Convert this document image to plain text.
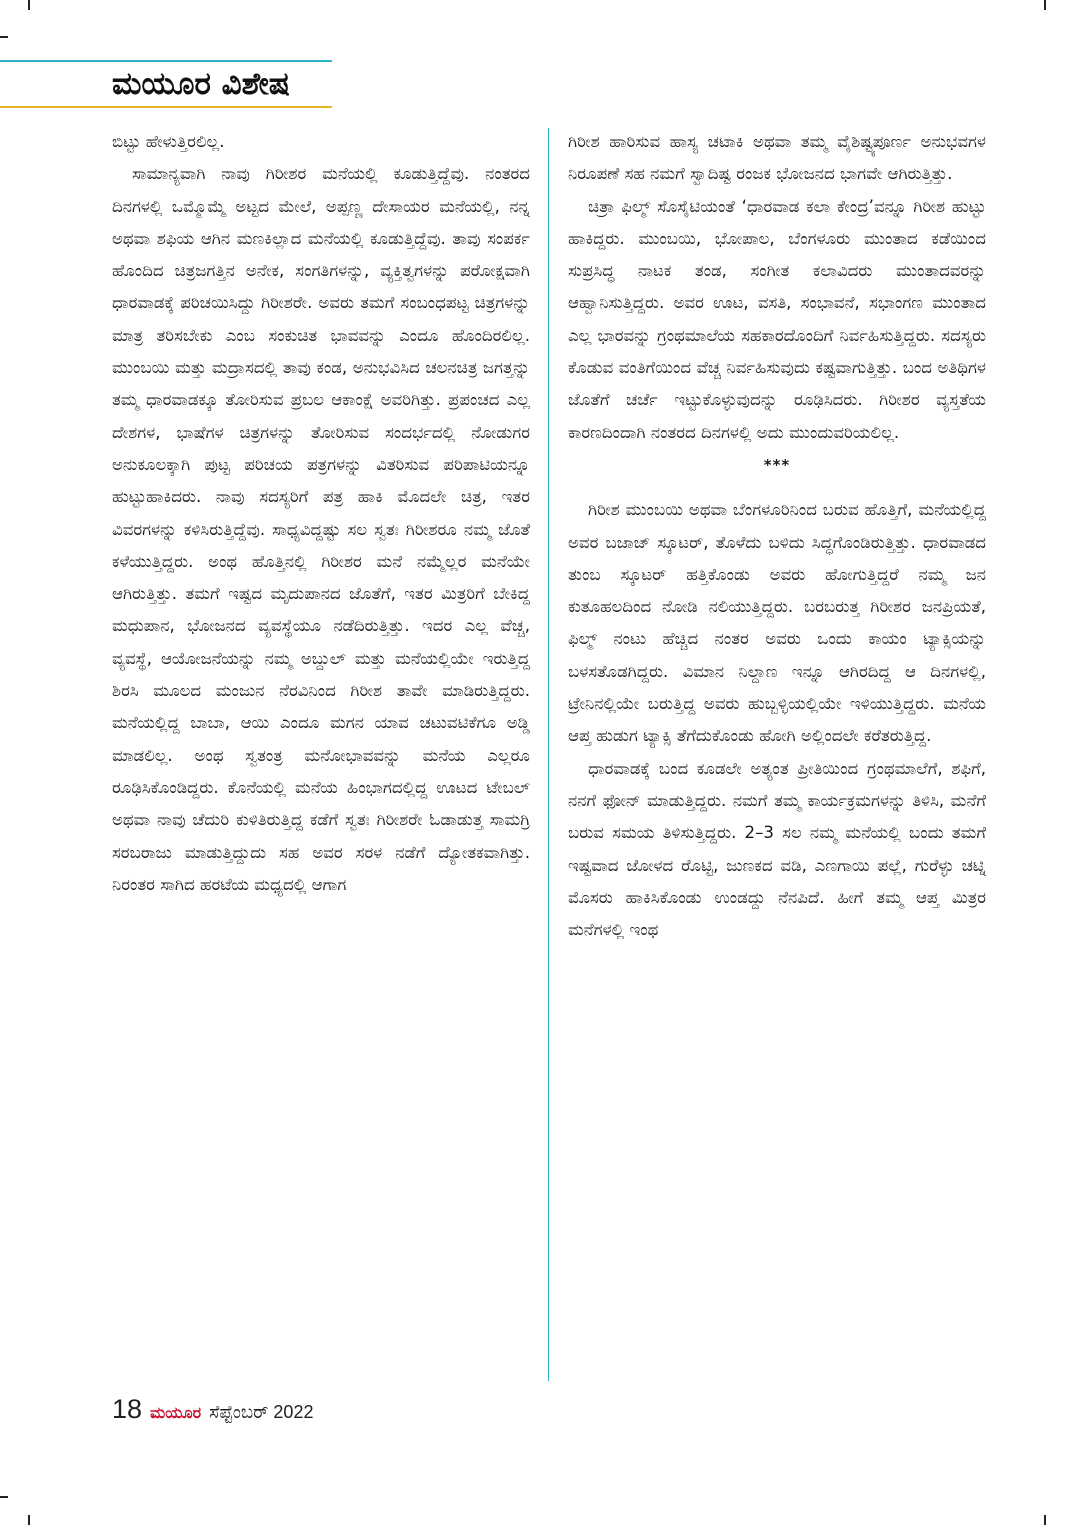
ಮಯೂರ ವಿಶೇಷ

ಬಿಟ್ಟು ಹೇಳುತ್ತಿರಲಿಲ್ಲ.

ಸಾಮಾನ್ಯವಾಗಿ ನಾವು ಗಿರೀಶರ ಮನೆಯಲ್ಲಿ ಕೂಡುತ್ತಿದ್ದೆವು. ನಂತರದ ದಿನಗಳಲ್ಲಿ ಒಮ್ಮೊಮ್ಮೆ ಅಟ್ಟದ ಮೇಲೆ, ಅಪ್ಪಣ್ಣ ದೇಸಾಯರ ಮನೆಯಲ್ಲಿ, ನನ್ನ ಅಥವಾ ಶಫಿಯ ಆಗಿನ ಮಣಕಿಲ್ಲಾದ ಮನೆಯಲ್ಲಿ ಕೂಡುತ್ತಿದ್ದೆವು. ತಾವು ಸಂಪರ್ಕ ಹೊಂದಿದ ಚಿತ್ರಜಗತ್ತಿನ ಅನೇಕ, ಸಂಗತಿಗಳನ್ನು, ವ್ಯಕ್ತಿತ್ವಗಳನ್ನು ಪರೋಕ್ಷವಾಗಿ ಧಾರವಾಡಕ್ಕೆ ಪರಿಚಯಿಸಿದ್ದು ಗಿರೀಶರೇ. ಅವರು ತಮಗೆ ಸಂಬಂಧಪಟ್ಟ ಚಿತ್ರಗಳನ್ನು ಮಾತ್ರ ತರಿಸಬೇಕು ಎಂಬ ಸಂಕುಚಿತ ಭಾವವನ್ನು ಎಂದೂ ಹೊಂದಿರಲಿಲ್ಲ. ಮುಂಬಯಿ ಮತ್ತು ಮದ್ರಾಸದಲ್ಲಿ ತಾವು ಕಂಡ, ಅನುಭವಿಸಿದ ಚಲನಚಿತ್ರ ಜಗತ್ತನ್ನು ತಮ್ಮ ಧಾರವಾಡಕ್ಕೂ ತೋರಿಸುವ ಪ್ರಬಲ ಆಕಾಂಕ್ಷೆ ಅವರಿಗಿತ್ತು. ಪ್ರಪಂಚದ ಎಲ್ಲ ದೇಶಗಳ, ಭಾಷೆಗಳ ಚಿತ್ರಗಳನ್ನು ತೋರಿಸುವ ಸಂದರ್ಭದಲ್ಲಿ ನೋಡುಗರ ಅನುಕೂಲಕ್ಕಾಗಿ ಪುಟ್ಟ ಪರಿಚಯ ಪತ್ರಗಳನ್ನು ವಿತರಿಸುವ ಪರಿಪಾಟಿಯನ್ನೂ ಹುಟ್ಟುಹಾಕಿದರು. ನಾವು ಸದಸ್ಯರಿಗೆ ಪತ್ರ ಹಾಕಿ ಮೊದಲೇ ಚಿತ್ರ, ಇತರ ವಿವರಗಳನ್ನು ಕಳಿಸಿರುತ್ತಿದ್ದೆವು. ಸಾಧ್ಯವಿದ್ದಷ್ಟು ಸಲ ಸ್ವತಃ ಗಿರೀಶರೂ ನಮ್ಮ ಜೊತೆ ಕಳೆಯುತ್ತಿದ್ದರು. ಅಂಥ ಹೊತ್ತಿನಲ್ಲಿ ಗಿರೀಶರ ಮನೆ ನಮ್ಮೆಲ್ಲರ ಮನೆಯೇ ಆಗಿರುತ್ತಿತ್ತು. ತಮಗೆ ಇಷ್ಟದ ಮೃದುಪಾನದ ಜೊತೆಗೆ, ಇತರ ಮಿತ್ರರಿಗೆ ಬೇಕಿದ್ದ ಮಧುಪಾನ, ಭೋಜನದ ವ್ಯವಸ್ಥೆಯೂ ನಡೆದಿರುತ್ತಿತ್ತು. ಇದರ ಎಲ್ಲ ವೆಚ್ಚ, ವ್ಯವಸ್ಥೆ, ಆಯೋಜನೆಯನ್ನು ನಮ್ಮ ಅಬ್ದುಲ್ ಮತ್ತು ಮನೆಯಲ್ಲಿಯೇ ಇರುತ್ತಿದ್ದ ಶಿರಸಿ ಮೂಲದ ಮಂಜುನ ನೆರವಿನಿಂದ ಗಿರೀಶ ತಾವೇ ಮಾಡಿರುತ್ತಿದ್ದರು. ಮನೆಯಲ್ಲಿದ್ದ ಬಾಬಾ, ಆಯಿ ಎಂದೂ ಮಗನ ಯಾವ ಚಟುವಟಿಕೆಗೂ ಅಡ್ಡಿ ಮಾಡಲಿಲ್ಲ. ಅಂಥ ಸ್ವತಂತ್ರ ಮನೋಭಾವವನ್ನು ಮನೆಯ ಎಲ್ಲರೂ ರೂಢಿಸಿಕೊಂಡಿದ್ದರು. ಕೊನೆಯಲ್ಲಿ ಮನೆಯ ಹಿಂಭಾಗದಲ್ಲಿದ್ದ ಊಟದ ಟೇಬಲ್ ಅಥವಾ ನಾವು ಚೆದುರಿ ಕುಳಿತಿರುತ್ತಿದ್ದ ಕಡೆಗೆ ಸ್ವತಃ ಗಿರೀಶರೇ ಓಡಾಡುತ್ತ ಸಾಮಗ್ರಿ ಸರಬರಾಜು ಮಾಡುತ್ತಿದ್ದುದು ಸಹ ಅವರ ಸರಳ ನಡೆಗೆ ದ್ಯೋತಕವಾಗಿತ್ತು. ನಿರಂತರ ಸಾಗಿದ ಹರಟೆಯ ಮಧ್ಯದಲ್ಲಿ ಆಗಾಗ

ಗಿರೀಶ ಹಾರಿಸುವ ಹಾಸ್ಯ ಚಟಾಕಿ ಅಥವಾ ತಮ್ಮ ವೈಶಿಷ್ಟ್ಯಪೂರ್ಣ ಅನುಭವಗಳ ನಿರೂಪಣೆ ಸಹ ನಮಗೆ ಸ್ವಾದಿಷ್ಟ ರಂಜಕ ಭೋಜನದ ಭಾಗವೇ ಆಗಿರುತ್ತಿತ್ತು.

ಚಿತ್ರಾ ಫಿಲ್ಮ್ ಸೊಸೈಟಿಯಂತೆ ‘ಧಾರವಾಡ ಕಲಾ ಕೇಂದ್ರ’ವನ್ನೂ ಗಿರೀಶ ಹುಟ್ಟು ಹಾಕಿದ್ದರು. ಮುಂಬಯಿ, ಭೋಪಾಲ, ಬೆಂಗಳೂರು ಮುಂತಾದ ಕಡೆಯಿಂದ ಸುಪ್ರಸಿದ್ಧ ನಾಟಕ ತಂಡ, ಸಂಗೀತ ಕಲಾವಿದರು ಮುಂತಾದವರನ್ನು ಆಹ್ವಾನಿಸುತ್ತಿದ್ದರು. ಅವರ ಊಟ, ವಸತಿ, ಸಂಭಾವನೆ, ಸಭಾಂಗಣ ಮುಂತಾದ ಎಲ್ಲ ಭಾರವನ್ನು ಗ್ರಂಥಮಾಲೆಯ ಸಹಕಾರದೊಂದಿಗೆ ನಿರ್ವಹಿಸುತ್ತಿದ್ದರು. ಸದಸ್ಯರು ಕೊಡುವ ವಂತಿಗೆಯಿಂದ ವೆಚ್ಚ ನಿರ್ವಹಿಸುವುದು ಕಷ್ಟವಾಗುತ್ತಿತ್ತು. ಬಂದ ಅತಿಥಿಗಳ ಜೊತೆಗೆ ಚರ್ಚೆ ಇಟ್ಟುಕೊಳ್ಳುವುದನ್ನು ರೂಢಿಸಿದರು. ಗಿರೀಶರ ವ್ಯಸ್ತತೆಯ ಕಾರಣದಿಂದಾಗಿ ನಂತರದ ದಿನಗಳಲ್ಲಿ ಅದು ಮುಂದುವರಿಯಲಿಲ್ಲ.

***

ಗಿರೀಶ ಮುಂಬಯಿ ಅಥವಾ ಬೆಂಗಳೂರಿನಿಂದ ಬರುವ ಹೊತ್ತಿಗೆ, ಮನೆಯಲ್ಲಿದ್ದ ಅವರ ಬಜಾಜ್ ಸ್ಕೂಟರ್, ತೊಳೆದು ಬಳಿದು ಸಿದ್ಧಗೊಂಡಿರುತ್ತಿತ್ತು. ಧಾರವಾಡದ ತುಂಬ ಸ್ಕೂಟರ್ ಹತ್ತಿಕೊಂಡು ಅವರು ಹೋಗುತ್ತಿದ್ದರೆ ನಮ್ಮ ಜನ ಕುತೂಹಲದಿಂದ ನೋಡಿ ನಲಿಯುತ್ತಿದ್ದರು. ಬರಬರುತ್ತ ಗಿರೀಶರ ಜನಪ್ರಿಯತೆ, ಫಿಲ್ಮ್ ನಂಟು ಹೆಚ್ಚಿದ ನಂತರ ಅವರು ಒಂದು ಕಾಯಂ ಟ್ಯಾಕ್ಸಿಯನ್ನು ಬಳಸತೊಡಗಿದ್ದರು. ವಿಮಾನ ನಿಲ್ದಾಣ ಇನ್ನೂ ಆಗಿರದಿದ್ದ ಆ ದಿನಗಳಲ್ಲಿ, ಟ್ರೇನಿನಲ್ಲಿಯೇ ಬರುತ್ತಿದ್ದ ಅವರು ಹುಬ್ಬಳ್ಳಿಯಲ್ಲಿಯೇ ಇಳಿಯುತ್ತಿದ್ದರು. ಮನೆಯ ಆಪ್ತ ಹುಡುಗ ಟ್ಯಾಕ್ಸಿ ತೆಗೆದುಕೊಂಡು ಹೋಗಿ ಅಲ್ಲಿಂದಲೇ ಕರೆತರುತ್ತಿದ್ದ.

ಧಾರವಾಡಕ್ಕೆ ಬಂದ ಕೂಡಲೇ ಅತ್ಯಂತ ಪ್ರೀತಿಯಿಂದ ಗ್ರಂಥಮಾಲೆಗೆ, ಶಫಿಗೆ, ನನಗೆ ಫೋನ್ ಮಾಡುತ್ತಿದ್ದರು. ನಮಗೆ ತಮ್ಮ ಕಾರ್ಯಕ್ರಮಗಳನ್ನು ತಿಳಿಸಿ, ಮನೆಗೆ ಬರುವ ಸಮಯ ತಿಳಿಸುತ್ತಿದ್ದರು. 2–3 ಸಲ ನಮ್ಮ ಮನೆಯಲ್ಲಿ ಬಂದು ತಮಗೆ ಇಷ್ಟವಾದ ಜೋಳದ ರೊಟ್ಟಿ, ಜುಣಕದ ವಡಿ, ಎಣಗಾಯಿ ಪಲ್ಲೆ, ಗುರೆಳ್ಳು ಚಟ್ನಿ ಮೊಸರು ಹಾಕಿಸಿಕೊಂಡು ಉಂಡದ್ದು ನೆನಪಿದೆ. ಹೀಗೆ ತಮ್ಮ ಆಪ್ತ ಮಿತ್ರರ ಮನೆಗಳಲ್ಲಿ ಇಂಥ

18 ಮಯೂರ ಸೆಪ್ಟೆಂಬರ್ 2022
